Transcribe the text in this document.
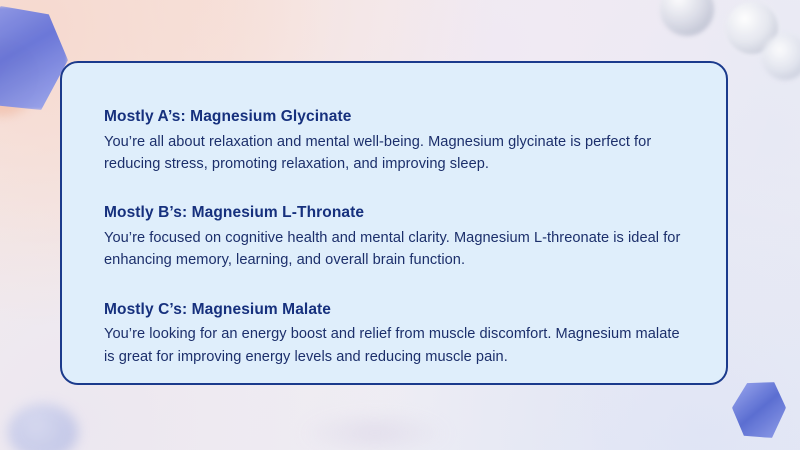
Mostly A’s: Magnesium Glycinate

You’re all about relaxation and mental well-being. Magnesium glycinate is perfect for reducing stress, promoting relaxation, and improving sleep.

Mostly B’s: Magnesium L-Thronate

You’re focused on cognitive health and mental clarity. Magnesium L-threonate is ideal for enhancing memory, learning, and overall brain function.

Mostly C’s: Magnesium Malate

You’re looking for an energy boost and relief from muscle discomfort. Magnesium malate is great for improving energy levels and reducing muscle pain.
